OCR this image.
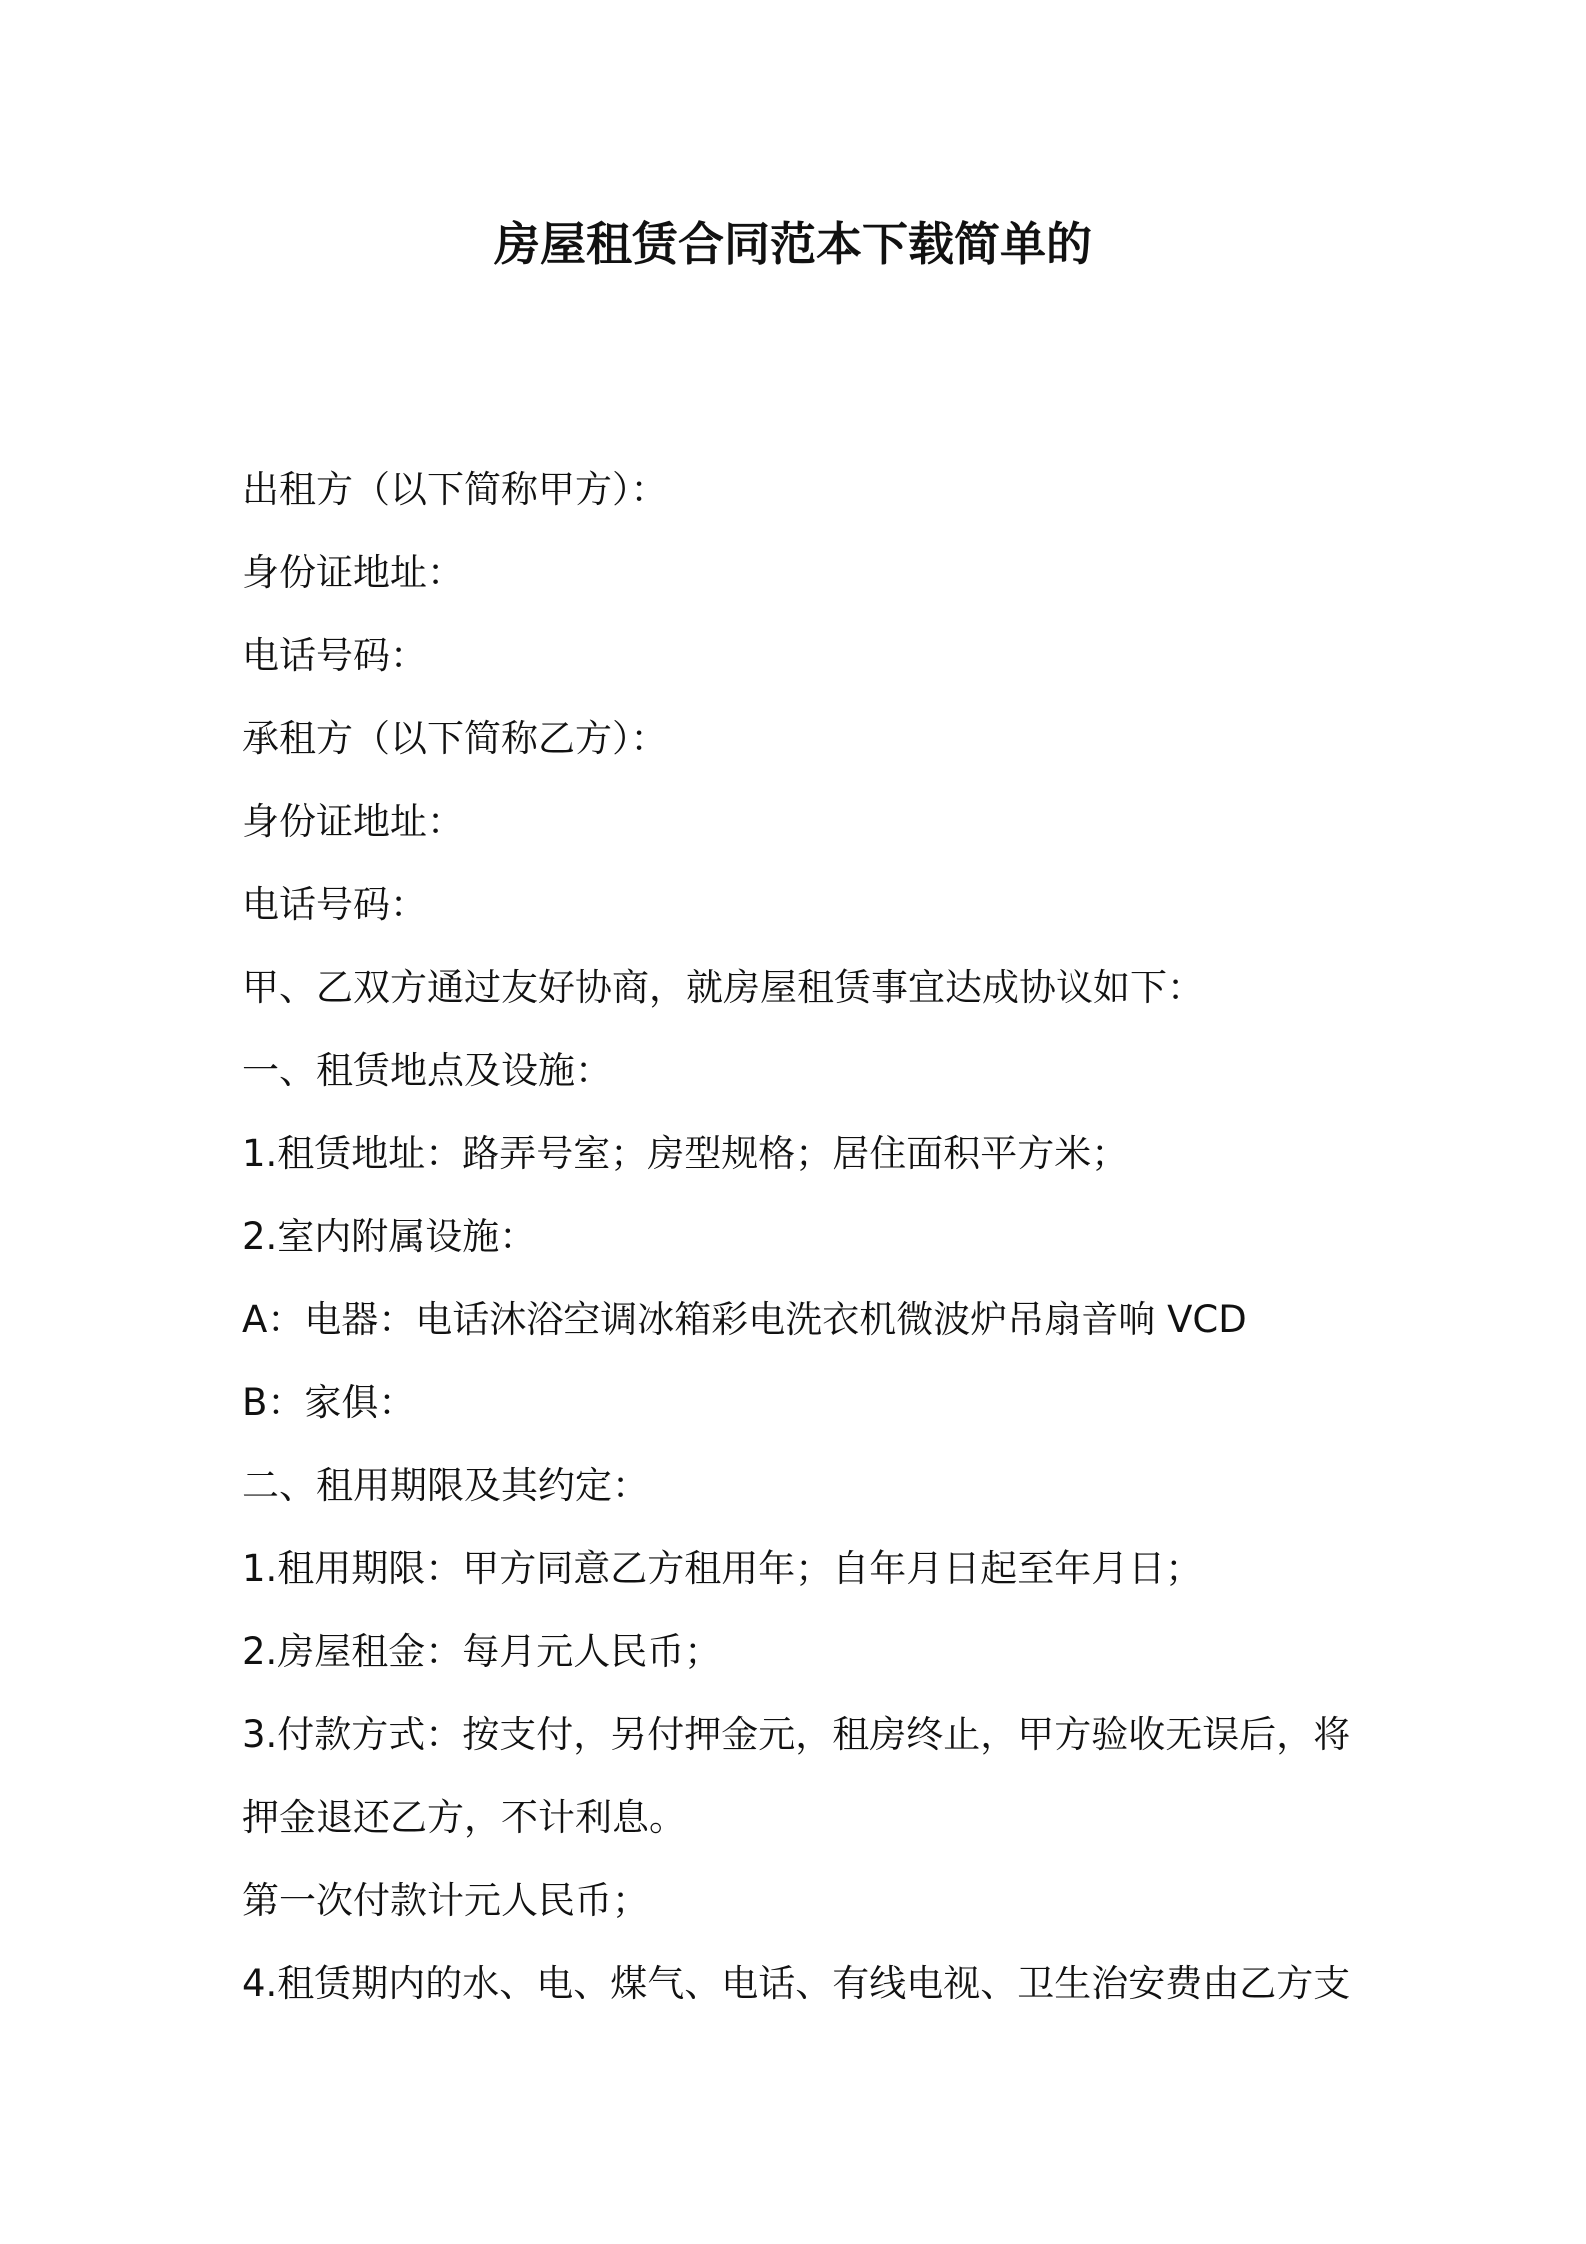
房屋租赁合同范本下载简单的

出租方（以下简称甲方）：

身份证地址：

电话号码：

承租方（以下简称乙方）：

身份证地址：

电话号码：

甲、乙双方通过友好协商，就房屋租赁事宜达成协议如下：

一、租赁地点及设施：

1.租赁地址：路弄号室；房型规格；居住面积平方米；

2.室内附属设施：

A：电器：电话沐浴空调冰箱彩电洗衣机微波炉吊扇音响 VCD

B：家俱：

二、租用期限及其约定：

1.租用期限：甲方同意乙方租用年；自年月日起至年月日；

2.房屋租金：每月元人民币；

3.付款方式：按支付，另付押金元，租房终止，甲方验收无误后，将

押金退还乙方，不计利息。

第一次付款计元人民币；

4.租赁期内的水、电、煤气、电话、有线电视、卫生治安费由乙方支
